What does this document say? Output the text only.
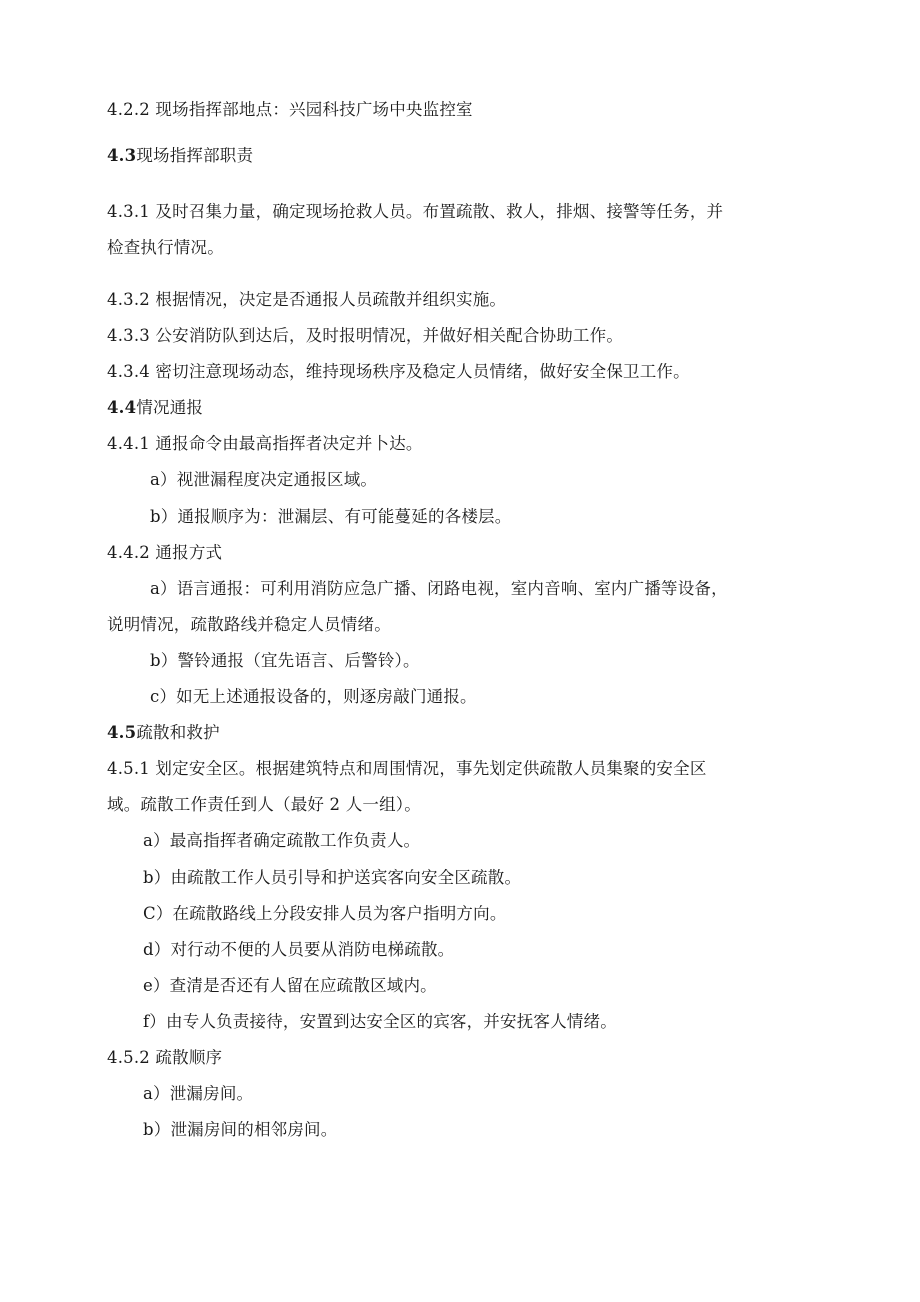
4.2.2 现场指挥部地点：兴园科技广场中央监控室
4.3现场指挥部职责
4.3.1 及时召集力量，确定现场抢救人员。布置疏散、救人，排烟、接警等任务，并
检查执行情况。
4.3.2 根据情况，决定是否通报人员疏散并组织实施。
4.3.3 公安消防队到达后，及时报明情况，并做好相关配合协助工作。
4.3.4 密切注意现场动态，维持现场秩序及稳定人员情绪，做好安全保卫工作。
4.4情况通报
4.4.1 通报命令由最高指挥者决定并卜达。
a）视泄漏程度决定通报区域。
b）通报顺序为：泄漏层、有可能蔓延的各楼层。
4.4.2 通报方式
a）语言通报：可利用消防应急广播、闭路电视，室内音响、室内广播等设备，
说明情况，疏散路线并稳定人员情绪。
b）警铃通报（宜先语言、后警铃）。
c）如无上述通报设备的，则逐房敲门通报。
4.5疏散和救护
4.5.1 划定安全区。根据建筑特点和周围情况，事先划定供疏散人员集聚的安全区
域。疏散工作责任到人（最好 2 人一组）。
a）最高指挥者确定疏散工作负责人。
b）由疏散工作人员引导和护送宾客向安全区疏散。
C）在疏散路线上分段安排人员为客户指明方向。
d）对行动不便的人员要从消防电梯疏散。
e）查清是否还有人留在应疏散区域内。
f）由专人负责接待，安置到达安全区的宾客，并安抚客人情绪。
4.5.2 疏散顺序
a）泄漏房间。
b）泄漏房间的相邻房间。
